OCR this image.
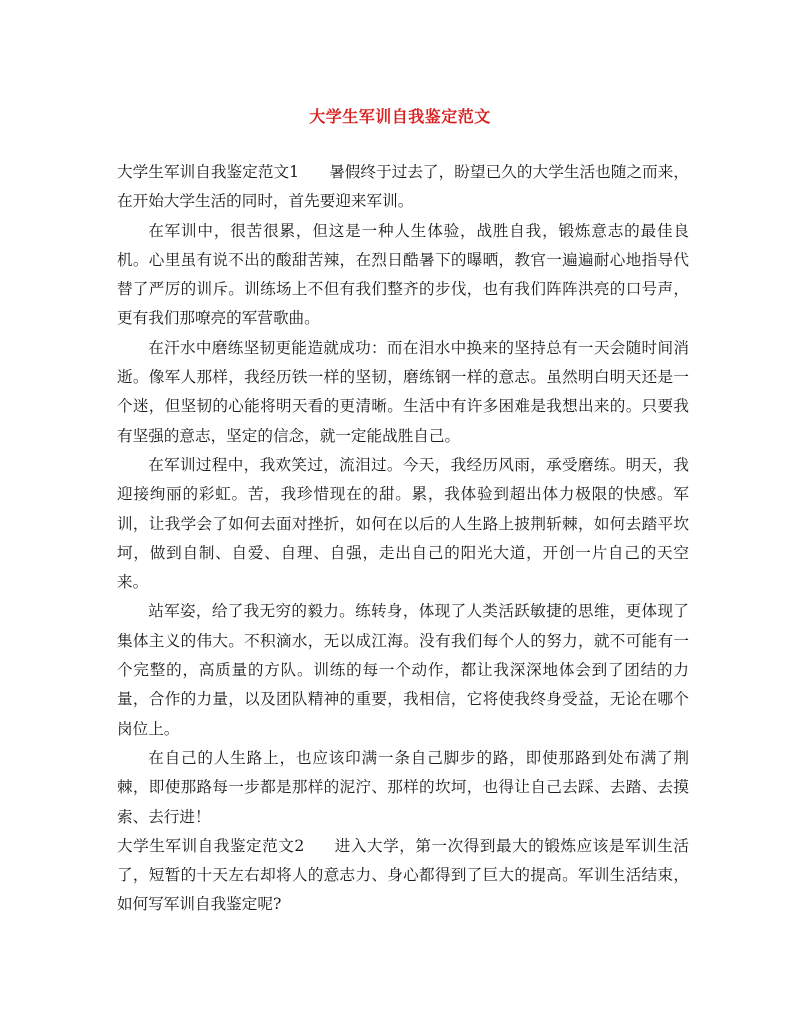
大学生军训自我鉴定范文

大学生军训自我鉴定范文1 暑假终于过去了，盼望已久的大学生活也随之而来，在开始大学生活的同时，首先要迎来军训。

在军训中，很苦很累，但这是一种人生体验，战胜自我，锻炼意志的最佳良机。心里虽有说不出的酸甜苦辣，在烈日酷暑下的曝晒，教官一遍遍耐心地指导代替了严厉的训斥。训练场上不但有我们整齐的步伐，也有我们阵阵洪亮的口号声，更有我们那嘹亮的军营歌曲。

在汗水中磨练坚韧更能造就成功：而在泪水中换来的坚持总有一天会随时间消逝。像军人那样，我经历铁一样的坚韧，磨练钢一样的意志。虽然明白明天还是一个迷，但坚韧的心能将明天看的更清晰。生活中有许多困难是我想出来的。只要我有坚强的意志，坚定的信念，就一定能战胜自己。

在军训过程中，我欢笑过，流泪过。今天，我经历风雨，承受磨练。明天，我迎接绚丽的彩虹。苦，我珍惜现在的甜。累，我体验到超出体力极限的快感。军训，让我学会了如何去面对挫折，如何在以后的人生路上披荆斩棘，如何去踏平坎坷，做到自制、自爱、自理、自强，走出自己的阳光大道，开创一片自己的天空来。

站军姿，给了我无穷的毅力。练转身，体现了人类活跃敏捷的思维，更体现了集体主义的伟大。不积滴水，无以成江海。没有我们每个人的努力，就不可能有一个完整的，高质量的方队。训练的每一个动作，都让我深深地体会到了团结的力量，合作的力量，以及团队精神的重要，我相信，它将使我终身受益，无论在哪个岗位上。

在自己的人生路上，也应该印满一条自己脚步的路，即使那路到处布满了荆棘，即使那路每一步都是那样的泥泞、那样的坎坷，也得让自己去踩、去踏、去摸索、去行进！

大学生军训自我鉴定范文2 进入大学，第一次得到最大的锻炼应该是军训生活了，短暂的十天左右却将人的意志力、身心都得到了巨大的提高。军训生活结束，如何写军训自我鉴定呢?
